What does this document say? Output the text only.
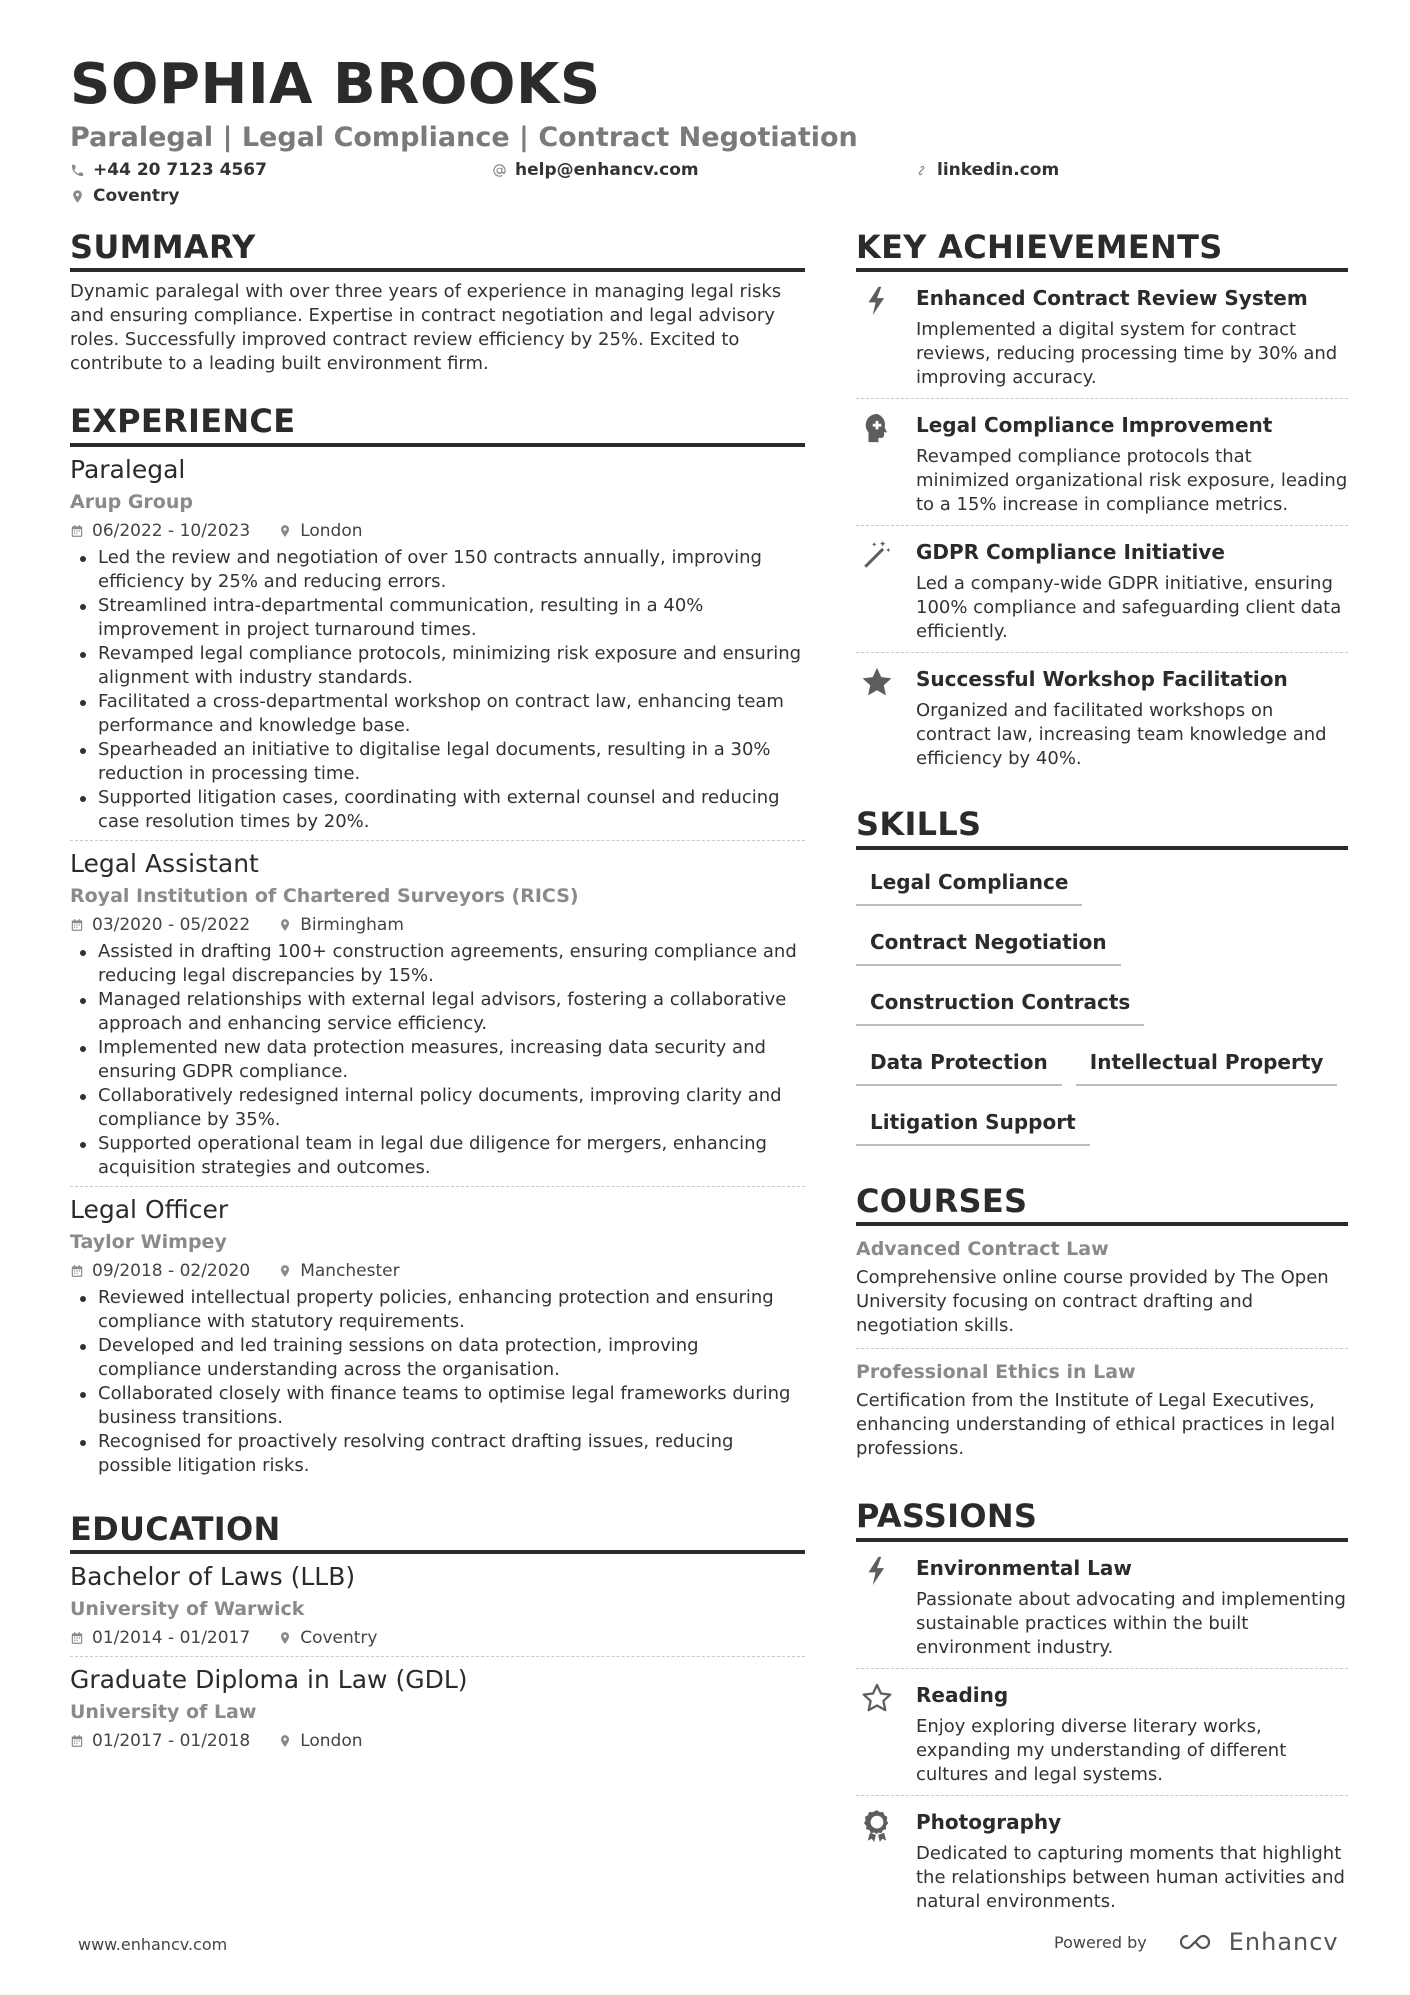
SOPHIA BROOKS
Paralegal | Legal Compliance | Contract Negotiation
+44 20 7123 4567	help@enhancv.com	linkedin.com
Coventry
SUMMARY
Dynamic paralegal with over three years of experience in managing legal risks and ensuring compliance. Expertise in contract negotiation and legal advisory roles. Successfully improved contract review efficiency by 25%. Excited to contribute to a leading built environment firm.
EXPERIENCE
Paralegal
Arup Group
06/2022 - 10/2023	London
Led the review and negotiation of over 150 contracts annually, improving efficiency by 25% and reducing errors.
Streamlined intra-departmental communication, resulting in a 40% improvement in project turnaround times.
Revamped legal compliance protocols, minimizing risk exposure and ensuring alignment with industry standards.
Facilitated a cross-departmental workshop on contract law, enhancing team performance and knowledge base.
Spearheaded an initiative to digitalise legal documents, resulting in a 30% reduction in processing time.
Supported litigation cases, coordinating with external counsel and reducing case resolution times by 20%.
Legal Assistant
Royal Institution of Chartered Surveyors (RICS)
03/2020 - 05/2022	Birmingham
Assisted in drafting 100+ construction agreements, ensuring compliance and reducing legal discrepancies by 15%.
Managed relationships with external legal advisors, fostering a collaborative approach and enhancing service efficiency.
Implemented new data protection measures, increasing data security and ensuring GDPR compliance.
Collaboratively redesigned internal policy documents, improving clarity and compliance by 35%.
Supported operational team in legal due diligence for mergers, enhancing acquisition strategies and outcomes.
Legal Officer
Taylor Wimpey
09/2018 - 02/2020	Manchester
Reviewed intellectual property policies, enhancing protection and ensuring compliance with statutory requirements.
Developed and led training sessions on data protection, improving compliance understanding across the organisation.
Collaborated closely with finance teams to optimise legal frameworks during business transitions.
Recognised for proactively resolving contract drafting issues, reducing possible litigation risks.
EDUCATION
Bachelor of Laws (LLB)
University of Warwick
01/2014 - 01/2017	Coventry
Graduate Diploma in Law (GDL)
University of Law
01/2017 - 01/2018	London
KEY ACHIEVEMENTS
Enhanced Contract Review System
Implemented a digital system for contract reviews, reducing processing time by 30% and improving accuracy.
Legal Compliance Improvement
Revamped compliance protocols that minimized organizational risk exposure, leading to a 15% increase in compliance metrics.
GDPR Compliance Initiative
Led a company-wide GDPR initiative, ensuring 100% compliance and safeguarding client data efficiently.
Successful Workshop Facilitation
Organized and facilitated workshops on contract law, increasing team knowledge and efficiency by 40%.
SKILLS
Legal Compliance
Contract Negotiation
Construction Contracts
Data Protection	Intellectual Property
Litigation Support
COURSES
Advanced Contract Law
Comprehensive online course provided by The Open University focusing on contract drafting and negotiation skills.
Professional Ethics in Law
Certification from the Institute of Legal Executives, enhancing understanding of ethical practices in legal professions.
PASSIONS
Environmental Law
Passionate about advocating and implementing sustainable practices within the built environment industry.
Reading
Enjoy exploring diverse literary works, expanding my understanding of different cultures and legal systems.
Photography
Dedicated to capturing moments that highlight the relationships between human activities and natural environments.
www.enhancv.com	Powered by	Enhancv
